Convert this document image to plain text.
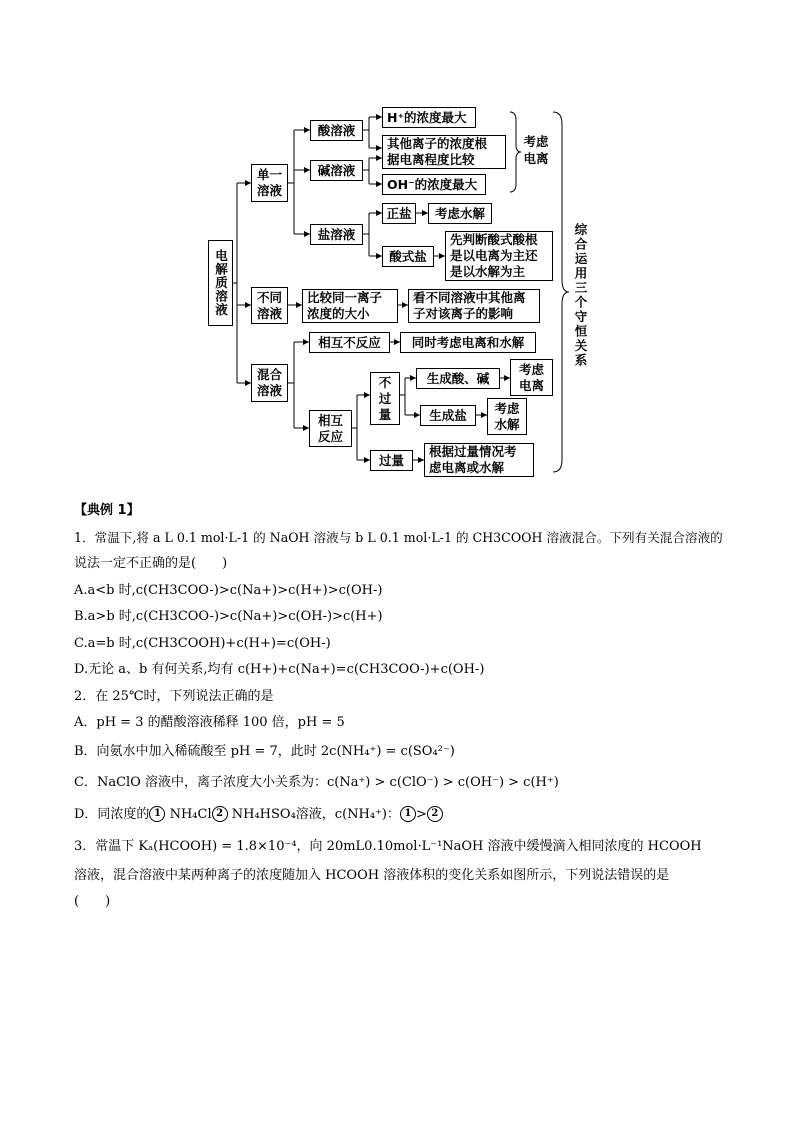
电解质溶液
单一溶液
不同溶液
混合溶液
酸溶液
碱溶液
盐溶液
H⁺的浓度最大
其他离子的浓度根
据电离程度比较
OH⁻的浓度最大
考虑电离
正盐	考虑水解
酸式盐
先判断酸式酸根
是以电离为主还
是以水解为主
比较同一离子
浓度的大小
看不同溶液中其他离
子对该离子的影响
相互不反应	同时考虑电离和水解
相互反应
不过量
生成酸、碱
考虑电离
生成盐	考虑水解
过量
根据过量情况考
虑电离或水解
综合运用三个守恒关系

【典例 1】

1．常温下,将 a L 0.1 mol·L-1 的 NaOH 溶液与 b L 0.1 mol·L-1 的 CH3COOH 溶液混合。下列有关混合溶液的

说法一定不正确的是(　　)

A.a<b 时,c(CH3COO-)>c(Na+)>c(H+)>c(OH-)

B.a>b 时,c(CH3COO-)>c(Na+)>c(OH-)>c(H+)

C.a=b 时,c(CH3COOH)+c(H+)=c(OH-)

D.无论 a、b 有何关系,均有 c(H+)+c(Na+)=c(CH3COO-)+c(OH-)

2．在 25℃时，下列说法正确的是

A．pH = 3 的醋酸溶液稀释 100 倍，pH = 5

B．向氨水中加入稀硫酸至 pH = 7，此时 2c(NH₄⁺) = c(SO₄²⁻)

C．NaClO 溶液中，离子浓度大小关系为：c(Na⁺) > c(ClO⁻) > c(OH⁻) > c(H⁺)

D．同浓度的 1 NH₄Cl 2 NH₄HSO₄溶液，c(NH₄⁺)： 1 > 2

3．常温下 Kₐ(HCOOH) = 1.8×10⁻⁴，向 20mL0.10mol·L⁻¹NaOH 溶液中缓慢滴入相同浓度的 HCOOH

溶液，混合溶液中某两种离子的浓度随加入 HCOOH 溶液体积的变化关系如图所示，下列说法错误的是

(　　)
